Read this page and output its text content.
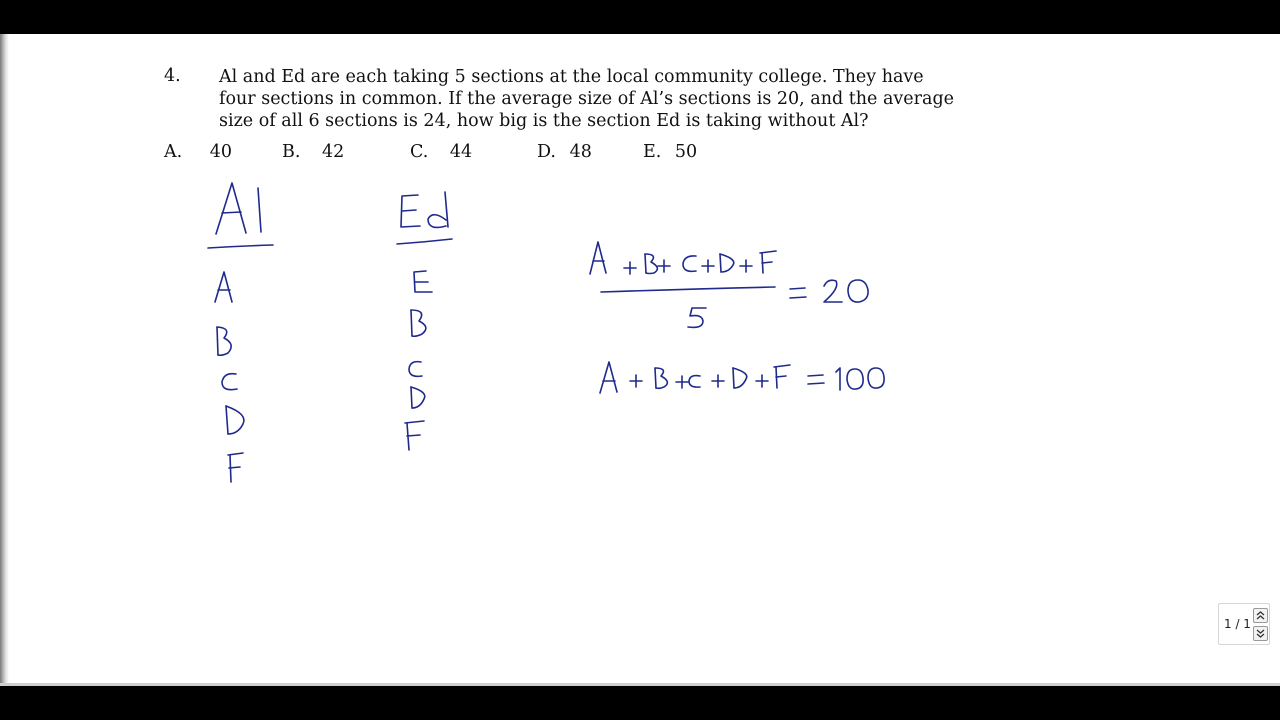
4. Al and Ed are each taking 5 sections at the local community college. They have
four sections in common. If the average size of Al’s sections is 20, and the average
size of all 6 sections is 24, how big is the section Ed is taking without Al?
A. 40	B. 42	C. 44	D. 48	E. 50
1 / 1
